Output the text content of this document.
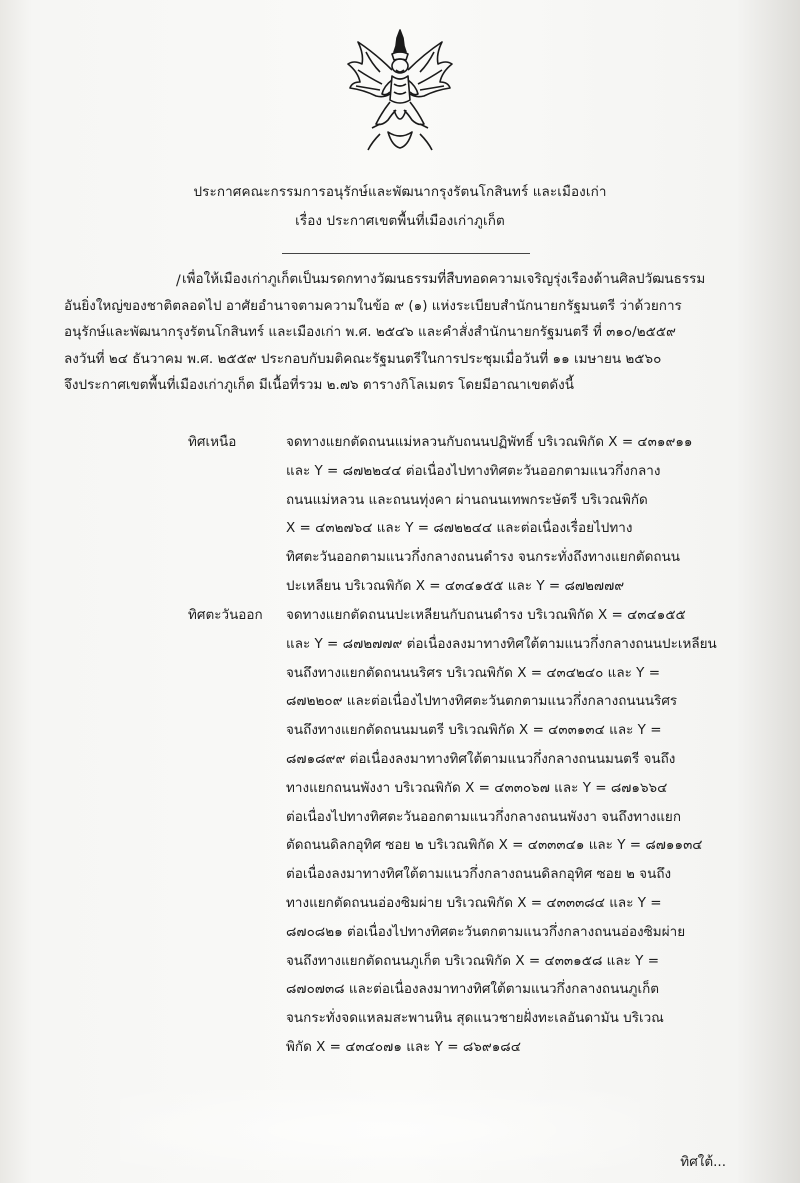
ประกาศคณะกรรมการอนุรักษ์และพัฒนากรุงรัตนโกสินทร์ และเมืองเก่า
เรื่อง ประกาศเขตพื้นที่เมืองเก่าภูเก็ต
/ เพื่อให้เมืองเก่าภูเก็ตเป็นมรดกทางวัฒนธรรมที่สืบทอดความเจริญรุ่งเรืองด้านศิลปวัฒนธรรม
อันยิ่งใหญ่ของชาติตลอดไป อาศัยอำนาจตามความในข้อ ๙ (๑) แห่งระเบียบสำนักนายกรัฐมนตรี ว่าด้วยการ
อนุรักษ์และพัฒนากรุงรัตนโกสินทร์ และเมืองเก่า พ.ศ. ๒๕๔๖ และคำสั่งสำนักนายกรัฐมนตรี ที่ ๓๑๐/๒๕๕๙
ลงวันที่ ๒๔ ธันวาคม พ.ศ. ๒๕๕๙ ประกอบกับมติคณะรัฐมนตรีในการประชุมเมื่อวันที่ ๑๑ เมษายน ๒๕๖๐
จึงประกาศเขตพื้นที่เมืองเก่าภูเก็ต มีเนื้อที่รวม ๒.๗๖ ตารางกิโลเมตร โดยมีอาณาเขตดังนี้
ทิศเหนือ	จดทางแยกตัดถนนแม่หลวนกับถนนปฏิพัทธิ์ บริเวณพิกัด X = ๔๓๑๙๑๑
และ Y = ๘๗๒๒๔๔ ต่อเนื่องไปทางทิศตะวันออกตามแนวกึ่งกลาง
ถนนแม่หลวน และถนนทุ่งคา ผ่านถนนเทพกระษัตรี บริเวณพิกัด
X = ๔๓๒๗๖๔ และ Y = ๘๗๒๒๔๔ และต่อเนื่องเรื่อยไปทาง
ทิศตะวันออกตามแนวกึ่งกลางถนนดำรง จนกระทั่งถึงทางแยกตัดถนน
ปะเหลียน บริเวณพิกัด X = ๔๓๔๑๕๕ และ Y = ๘๗๒๗๗๙
ทิศตะวันออก จดทางแยกตัดถนนปะเหลียนกับถนนดำรง บริเวณพิกัด X = ๔๓๔๑๕๕
และ Y = ๘๗๒๗๗๙ ต่อเนื่องลงมาทางทิศใต้ตามแนวกึ่งกลางถนนปะเหลียน
จนถึงทางแยกตัดถนนนริศร บริเวณพิกัด X = ๔๓๔๒๔๐ และ Y =
๘๗๒๒๐๙ และต่อเนื่องไปทางทิศตะวันตกตามแนวกึ่งกลางถนนนริศร
จนถึงทางแยกตัดถนนมนตรี บริเวณพิกัด X = ๔๓๓๑๓๔ และ Y =
๘๗๑๘๙๙ ต่อเนื่องลงมาทางทิศใต้ตามแนวกึ่งกลางถนนมนตรี จนถึง
ทางแยกถนนพังงา บริเวณพิกัด X = ๔๓๓๐๖๗ และ Y = ๘๗๑๖๖๔
ต่อเนื่องไปทางทิศตะวันออกตามแนวกึ่งกลางถนนพังงา จนถึงทางแยก
ตัดถนนดิลกอุทิศ ซอย ๒ บริเวณพิกัด X = ๔๓๓๓๔๑ และ Y = ๘๗๑๑๓๔
ต่อเนื่องลงมาทางทิศใต้ตามแนวกึ่งกลางถนนดิลกอุทิศ ซอย ๒ จนถึง
ทางแยกตัดถนนอ่องซิมผ่าย บริเวณพิกัด X = ๔๓๓๓๘๔ และ Y =
๘๗๐๘๒๑ ต่อเนื่องไปทางทิศตะวันตกตามแนวกึ่งกลางถนนอ่องซิมผ่าย
จนถึงทางแยกตัดถนนภูเก็ต บริเวณพิกัด X = ๔๓๓๑๕๘ และ Y =
๘๗๐๗๓๘ และต่อเนื่องลงมาทางทิศใต้ตามแนวกึ่งกลางถนนภูเก็ต
จนกระทั่งจดแหลมสะพานหิน สุดแนวชายฝั่งทะเลอันดามัน บริเวณ
พิกัด X = ๔๓๔๐๗๑ และ Y = ๘๖๙๑๘๔
ทิศใต้...
